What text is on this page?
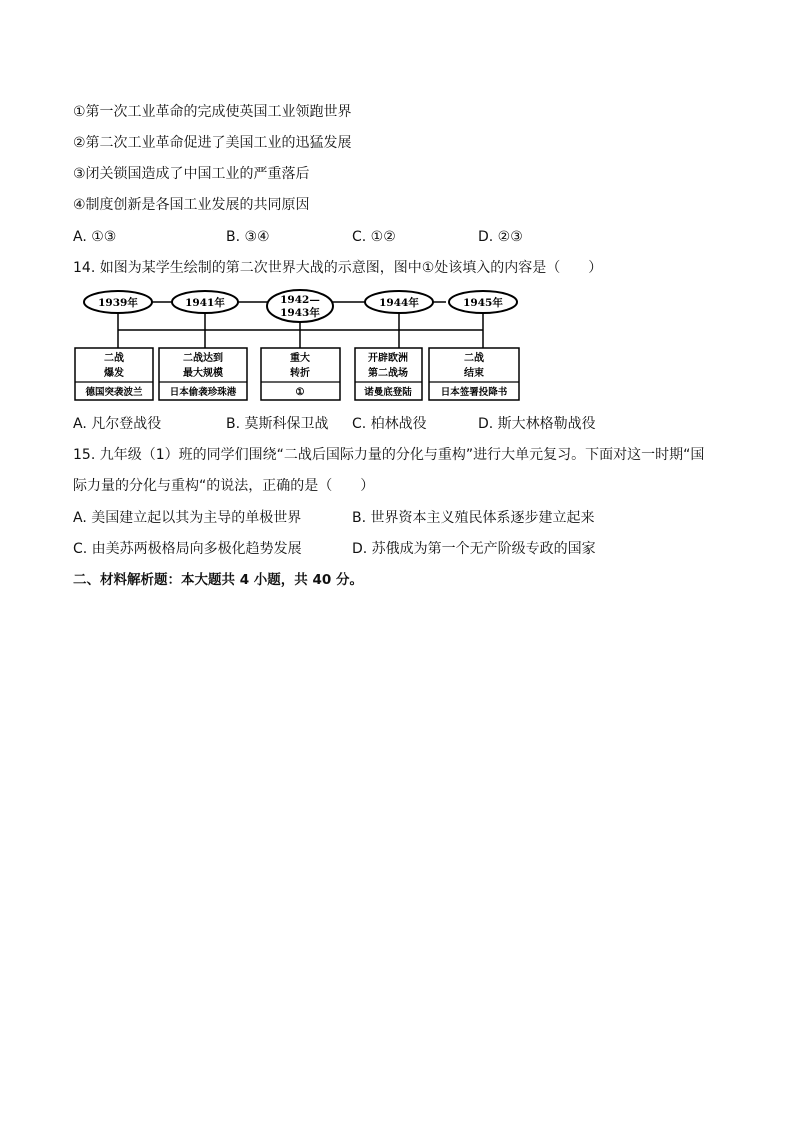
①第一次工业革命的完成使英国工业领跑世界
②第二次工业革命促进了美国工业的迅猛发展
③闭关锁国造成了中国工业的严重落后
④制度创新是各国工业发展的共同原因
A. ①③	B. ③④	C. ①②	D. ②③
14. 如图为某学生绘制的第二次世界大战的示意图，图中①处该填入的内容是（　　）
1939年	1941年	1942—
1943年
1944年	1945年
二战
爆发
德国突袭波兰
二战达到
最大规模
日本偷袭珍珠港
重大
转折
①
开辟欧洲
第二战场
诺曼底登陆
二战
结束
日本签署投降书
A. 凡尔登战役	B. 莫斯科保卫战 C. 柏林战役	D. 斯大林格勒战役
15. 九年级（1）班的同学们围绕“二战后国际力量的分化与重构”进行大单元复习。下面对这一时期“国
际力量的分化与重构“的说法，正确的是（　　）
A. 美国建立起以其为主导的单极世界	B. 世界资本主义殖民体系逐步建立起来
C. 由美苏两极格局向多极化趋势发展	D. 苏俄成为第一个无产阶级专政的国家
二、材料解析题：本大题共 4 小题，共 40 分。
